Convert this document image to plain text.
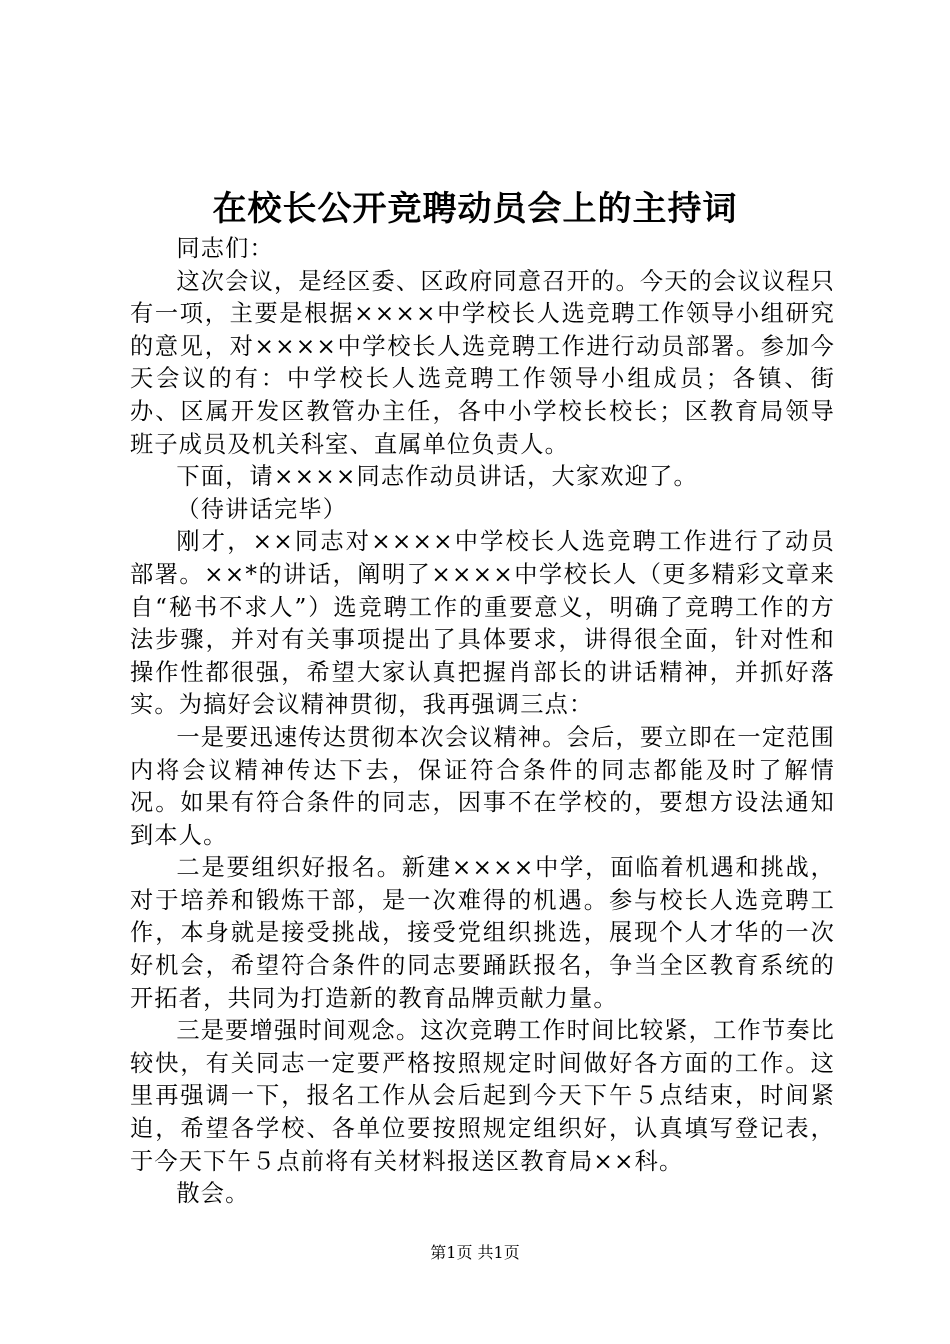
在校长公开竞聘动员会上的主持词

同志们：

这次会议，是经区委、区政府同意召开的。今天的会议议程只有一项，主要是根据××××中学校长人选竞聘工作领导小组研究的意见，对××××中学校长人选竞聘工作进行动员部署。参加今天会议的有：中学校长人选竞聘工作领导小组成员；各镇、街办、区属开发区教管办主任，各中小学校长校长；区教育局领导班子成员及机关科室、直属单位负责人。

下面，请××××同志作动员讲话，大家欢迎了。

（待讲话完毕）

刚才，××同志对××××中学校长人选竞聘工作进行了动员部署。××*的讲话，阐明了××××中学校长人（更多精彩文章来自“秘书不求人”）选竞聘工作的重要意义，明确了竞聘工作的方法步骤，并对有关事项提出了具体要求，讲得很全面，针对性和操作性都很强，希望大家认真把握肖部长的讲话精神，并抓好落实。为搞好会议精神贯彻，我再强调三点：

一是要迅速传达贯彻本次会议精神。会后，要立即在一定范围内将会议精神传达下去，保证符合条件的同志都能及时了解情况。如果有符合条件的同志，因事不在学校的，要想方设法通知到本人。

二是要组织好报名。新建××××中学，面临着机遇和挑战，对于培养和锻炼干部，是一次难得的机遇。参与校长人选竞聘工作，本身就是接受挑战，接受党组织挑选，展现个人才华的一次好机会，希望符合条件的同志要踊跃报名，争当全区教育系统的开拓者，共同为打造新的教育品牌贡献力量。

三是要增强时间观念。这次竞聘工作时间比较紧，工作节奏比较快，有关同志一定要严格按照规定时间做好各方面的工作。这里再强调一下，报名工作从会后起到今天下午５点结束，时间紧迫，希望各学校、各单位要按照规定组织好，认真填写登记表，于今天下午５点前将有关材料报送区教育局××科。

散会。

第1页 共1页
